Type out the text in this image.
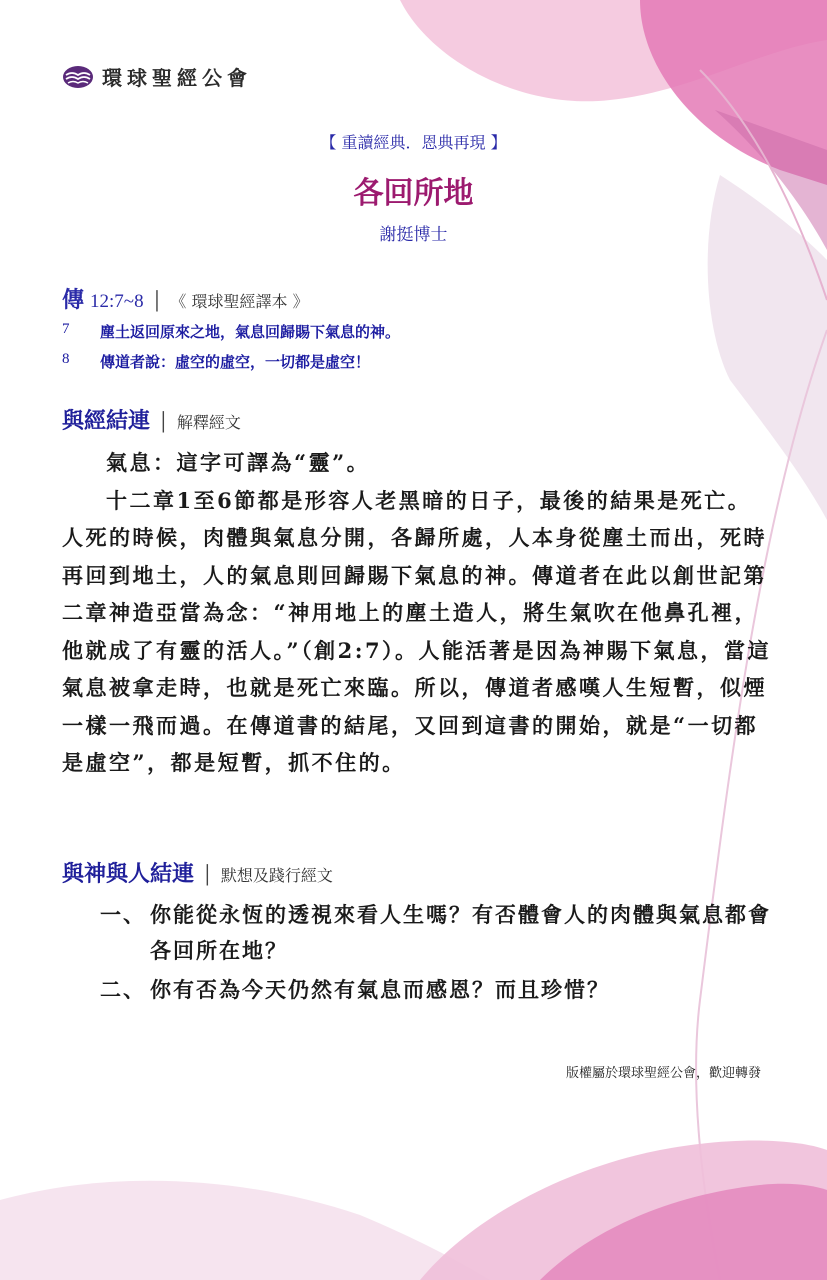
環球聖經公會
【 重讀經典．恩典再現 】
各回所地
謝挺博士
傳 12:7~8 │ 《 環球聖經譯本 》
7	塵土返回原來之地，氣息回歸賜下氣息的神。
8	傳道者說：虛空的虛空，一切都是虛空！
與經結連 │ 解釋經文

氣息：這字可譯為“靈”。

十二章1至6節都是形容人老黑暗的日子，最後的結果是死亡。人死的時候，肉體與氣息分開，各歸所處，人本身從塵土而出，死時再回到地土，人的氣息則回歸賜下氣息的神。傳道者在此以創世記第二章神造亞當為念：“神用地上的塵土造人，將生氣吹在他鼻孔裡，他就成了有靈的活人。”（創2:7）。人能活著是因為神賜下氣息，當這氣息被拿走時，也就是死亡來臨。所以，傳道者感嘆人生短暫，似煙一樣一飛而過。在傳道書的結尾，又回到這書的開始，就是“一切都是虛空”，都是短暫，抓不住的。

與神與人結連 │ 默想及踐行經文
一、 你能從永恆的透視來看人生嗎？有否體會人的肉體與氣息都會各回所在地？
二、 你有否為今天仍然有氣息而感恩？而且珍惜？
版權屬於環球聖經公會，歡迎轉發
